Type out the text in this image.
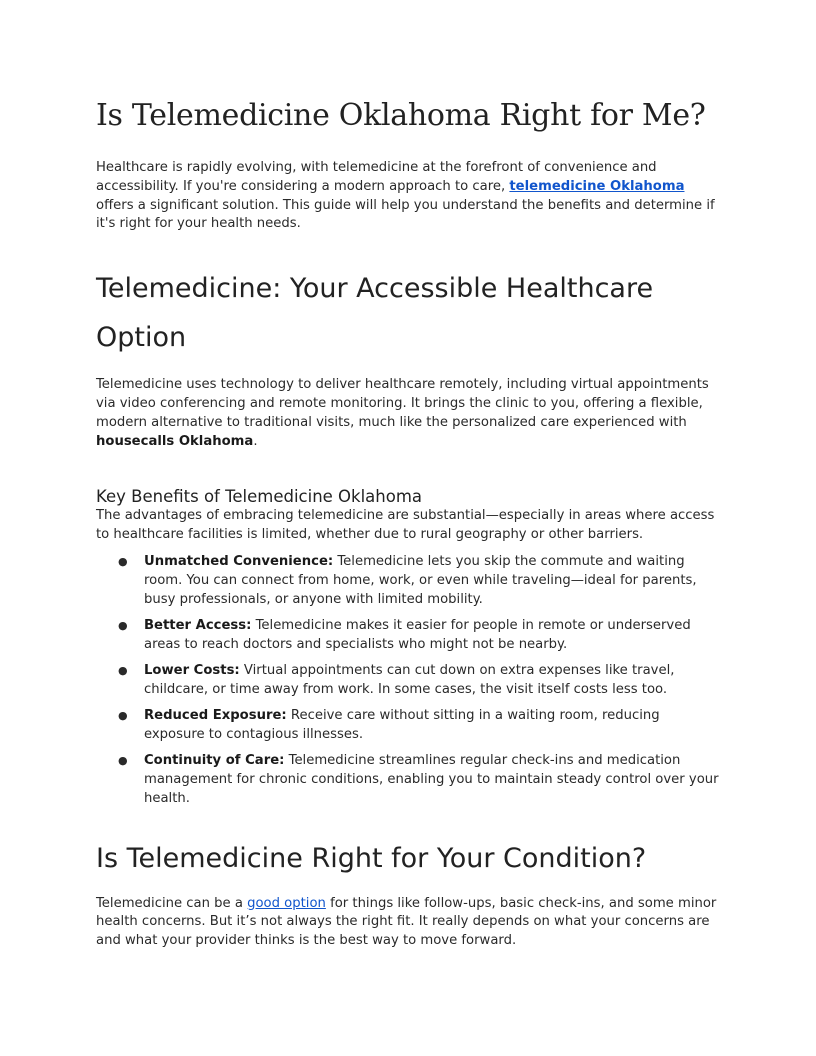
Is Telemedicine Oklahoma Right for Me?

Healthcare is rapidly evolving, with telemedicine at the forefront of convenience and accessibility. If you're considering a modern approach to care, telemedicine Oklahoma offers a significant solution. This guide will help you understand the benefits and determine if it's right for your health needs.

Telemedicine: Your Accessible Healthcare Option

Telemedicine uses technology to deliver healthcare remotely, including virtual appointments via video conferencing and remote monitoring. It brings the clinic to you, offering a flexible, modern alternative to traditional visits, much like the personalized care experienced with housecalls Oklahoma.

Key Benefits of Telemedicine Oklahoma

The advantages of embracing telemedicine are substantial—especially in areas where access to healthcare facilities is limited, whether due to rural geography or other barriers.

● Unmatched Convenience: Telemedicine lets you skip the commute and waiting room. You can connect from home, work, or even while traveling—ideal for parents, busy professionals, or anyone with limited mobility.
● Better Access: Telemedicine makes it easier for people in remote or underserved areas to reach doctors and specialists who might not be nearby.
● Lower Costs: Virtual appointments can cut down on extra expenses like travel, childcare, or time away from work. In some cases, the visit itself costs less too.
● Reduced Exposure: Receive care without sitting in a waiting room, reducing exposure to contagious illnesses.
● Continuity of Care: Telemedicine streamlines regular check-ins and medication management for chronic conditions, enabling you to maintain steady control over your health.
Is Telemedicine Right for Your Condition?

Telemedicine can be a good option for things like follow-ups, basic check-ins, and some minor health concerns. But it’s not always the right fit. It really depends on what your concerns are and what your provider thinks is the best way to move forward.
